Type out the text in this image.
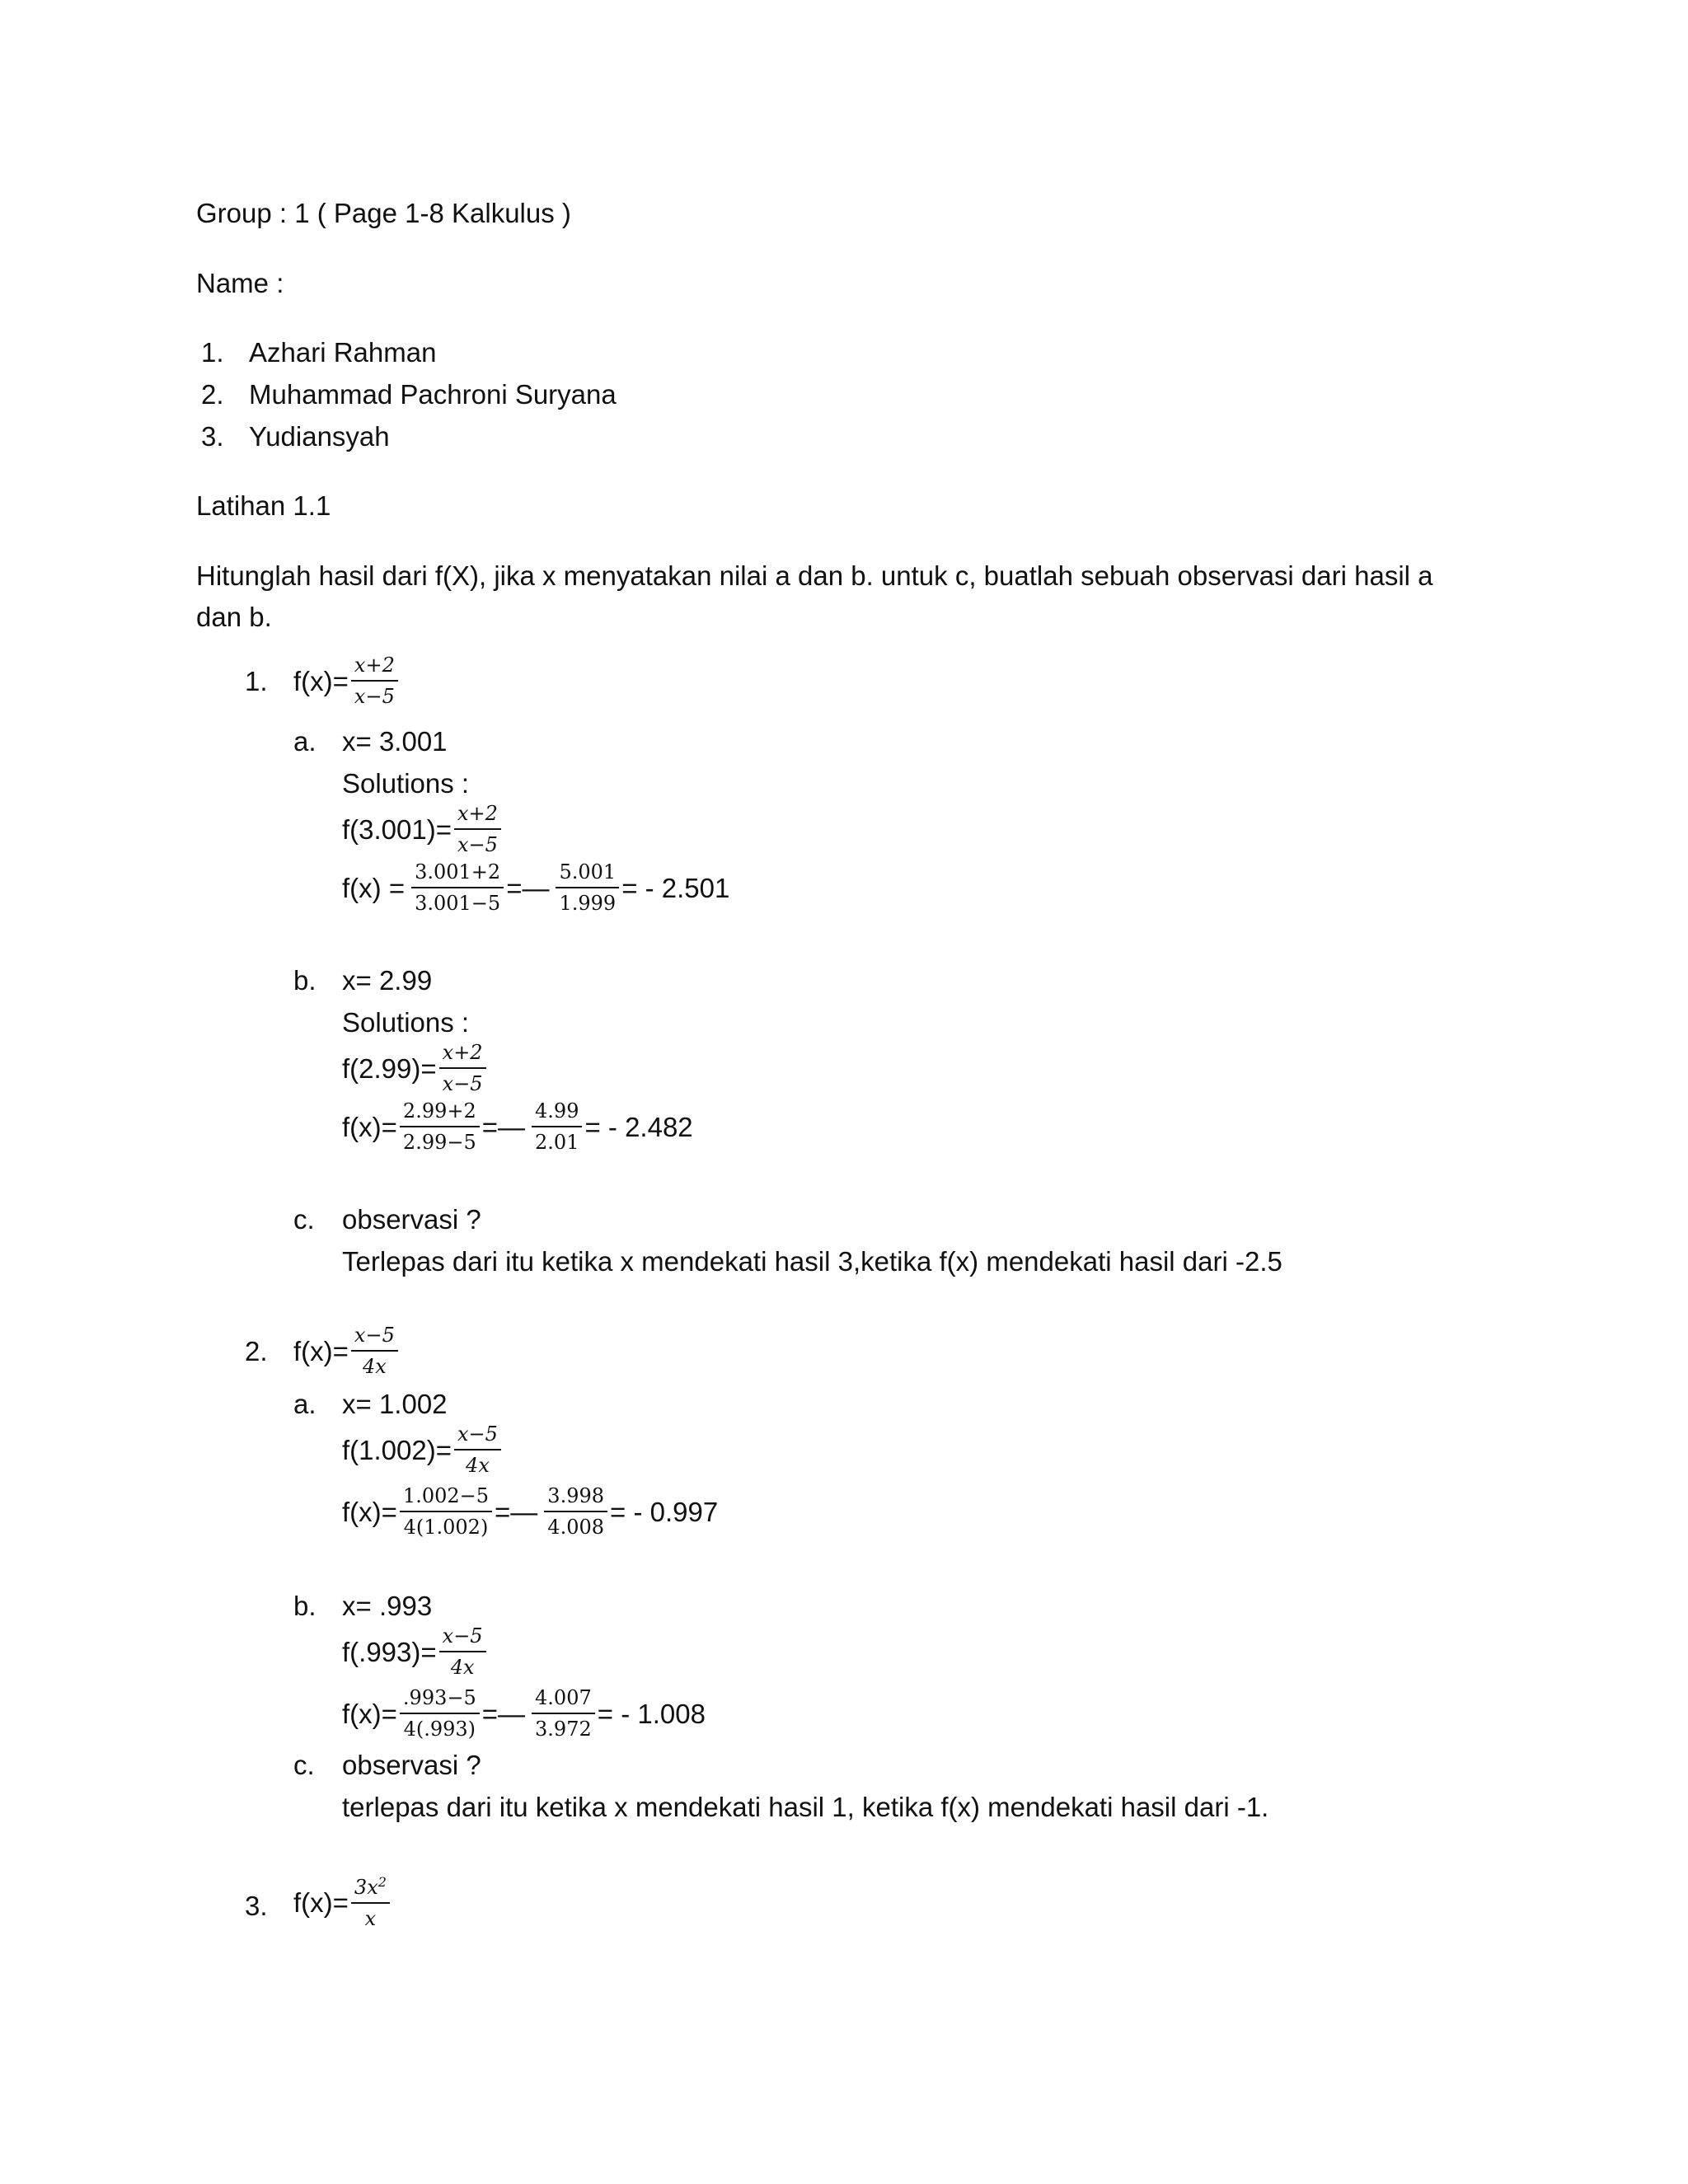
Group : 1 ( Page 1-8 Kalkulus )
Name :
1. Azhari Rahman
2. Muhammad Pachroni Suryana
3. Yudiansyah
Latihan 1.1
Hitunglah hasil dari f(X), jika x menyatakan nilai a dan b. untuk c, buatlah sebuah observasi dari hasil a
dan b.
1. $f(x)= \frac{x+2}{x-5}$
a. x= 3.001
Solutions :
$f(3.001)= \frac{x+2}{x-5}$
$f(x) = \frac{3.001+2}{3.001-5}$ =— $\frac{5.001}{1.999}$ = - 2.501
b. x= 2.99
Solutions :
$f(2.99)= \frac{x+2}{x-5}$
$f(x)= \frac{2.99+2}{2.99-5}$ =— $\frac{4.99}{2.01}$ = - 2.482
c. observasi ?
Terlepas dari itu ketika x mendekati hasil 3,ketika f(x) mendekati hasil dari -2.5
2. $f(x)= \frac{x-5}{4x}$
a. x= 1.002
$f(1.002)= \frac{x-5}{4x}$
$f(x)= \frac{1.002-5}{4(1.002)}$ =— $\frac{3.998}{4.008}$ = - 0.997
b. x= .993
$f(.993)= \frac{x-5}{4x}$
$f(x)= \frac{.993-5}{4(.993)}$ =— $\frac{4.007}{3.972}$ = - 1.008
c. observasi ?
terlepas dari itu ketika x mendekati hasil 1, ketika f(x) mendekati hasil dari -1.
3. $f(x)= \frac{3x^2}{x}$
